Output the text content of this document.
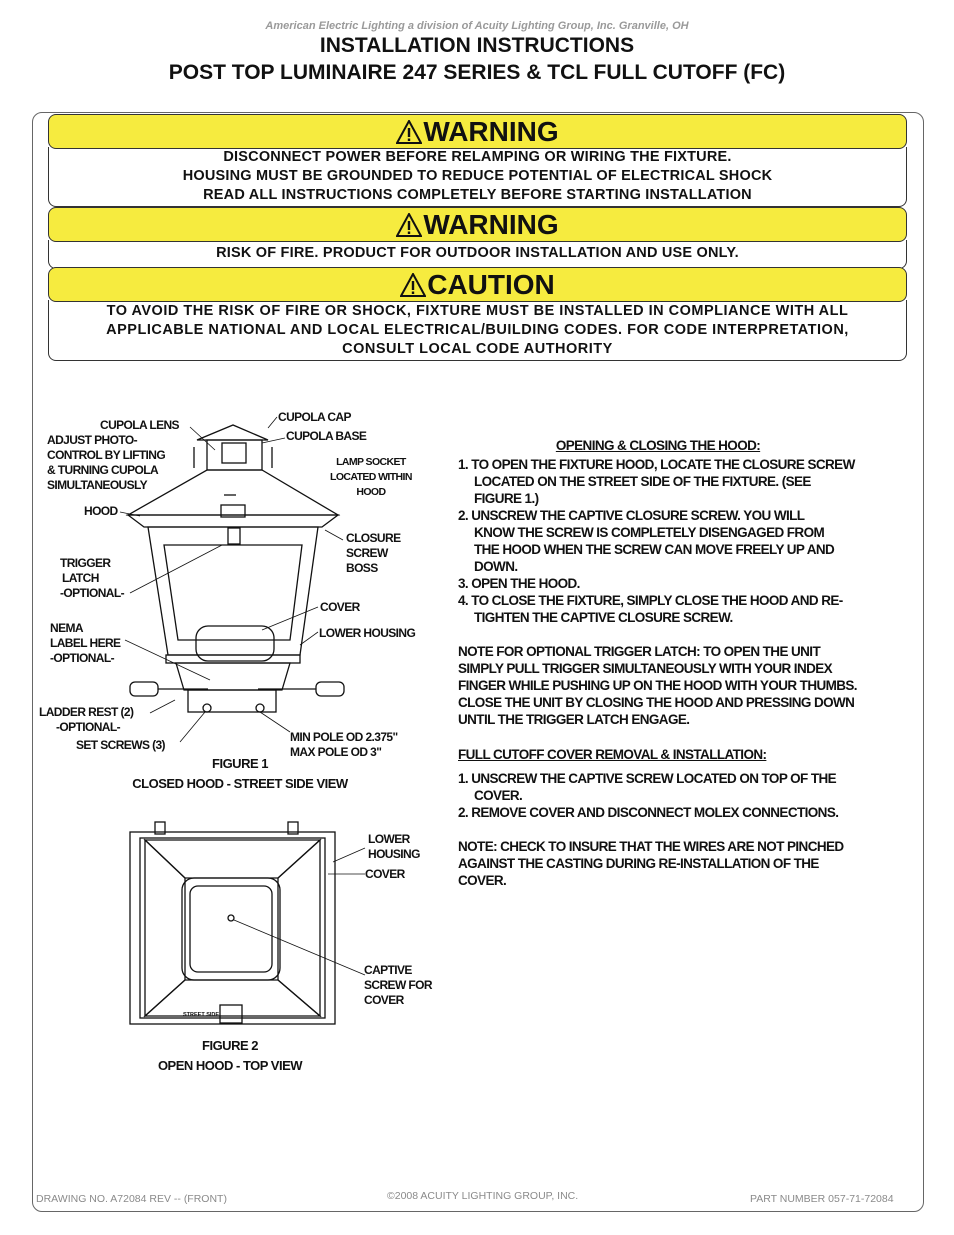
American Electric Lighting a division of Acuity Lighting Group, Inc. Granville, OH
INSTALLATION INSTRUCTIONS
POST TOP LUMINAIRE 247 SERIES & TCL FULL CUTOFF (FC)
WARNING
DISCONNECT POWER BEFORE RELAMPING OR WIRING THE FIXTURE.
HOUSING MUST BE GROUNDED TO REDUCE POTENTIAL OF ELECTRICAL SHOCK
READ ALL INSTRUCTIONS COMPLETELY BEFORE STARTING INSTALLATION
WARNING
RISK OF FIRE. PRODUCT FOR OUTDOOR INSTALLATION AND USE ONLY.
CAUTION
TO AVOID THE RISK OF FIRE OR SHOCK, FIXTURE MUST BE INSTALLED IN COMPLIANCE WITH ALL
APPLICABLE NATIONAL AND LOCAL ELECTRICAL/BUILDING CODES. FOR CODE INTERPRETATION,
CONSULT LOCAL CODE AUTHORITY
CUPOLA CAP
CUPOLA LENS
CUPOLA BASE
ADJUST PHOTO-
CONTROL BY LIFTING
& TURNING CUPOLA
SIMULTANEOUSLY
LAMP SOCKET
LOCATED WITHIN
HOOD
HOOD
CLOSURE
SCREW
BOSS
TRIGGER
LATCH
-OPTIONAL-
COVER
NEMA
LABEL HERE
-OPTIONAL-
LOWER HOUSING
LADDER REST (2)
-OPTIONAL-
SET SCREWS (3)
MIN POLE OD 2.375"
MAX POLE OD 3"
FIGURE 1
CLOSED HOOD - STREET SIDE VIEW
STREET SIDE
LOWER
HOUSING
COVER
CAPTIVE
SCREW FOR
COVER
FIGURE 2
OPEN HOOD - TOP VIEW

OPENING & CLOSING THE HOOD:

1. TO OPEN THE FIXTURE HOOD, LOCATE THE CLOSURE SCREW

LOCATED ON THE STREET SIDE OF THE FIXTURE. (SEE

FIGURE 1.)

2. UNSCREW THE CAPTIVE CLOSURE SCREW. YOU WILL

KNOW THE SCREW IS COMPLETELY DISENGAGED FROM

THE HOOD WHEN THE SCREW CAN MOVE FREELY UP AND

DOWN.

3. OPEN THE HOOD.

4. TO CLOSE THE FIXTURE, SIMPLY CLOSE THE HOOD AND RE-

TIGHTEN THE CAPTIVE CLOSURE SCREW.

NOTE FOR OPTIONAL TRIGGER LATCH: TO OPEN THE UNIT

SIMPLY PULL TRIGGER SIMULTANEOUSLY WITH YOUR INDEX

FINGER WHILE PUSHING UP ON THE HOOD WITH YOUR THUMBS.

CLOSE THE UNIT BY CLOSING THE HOOD AND PRESSING DOWN

UNTIL THE TRIGGER LATCH ENGAGE.

FULL CUTOFF COVER REMOVAL & INSTALLATION:

1. UNSCREW THE CAPTIVE SCREW LOCATED ON TOP OF THE

COVER.

2. REMOVE COVER AND DISCONNECT MOLEX CONNECTIONS.

NOTE: CHECK TO INSURE THAT THE WIRES ARE NOT PINCHED

AGAINST THE CASTING DURING RE-INSTALLATION OF THE

COVER.

DRAWING NO. A72084 REV -- (FRONT)	©2008 ACUITY LIGHTING GROUP, INC.	PART NUMBER 057-71-72084
